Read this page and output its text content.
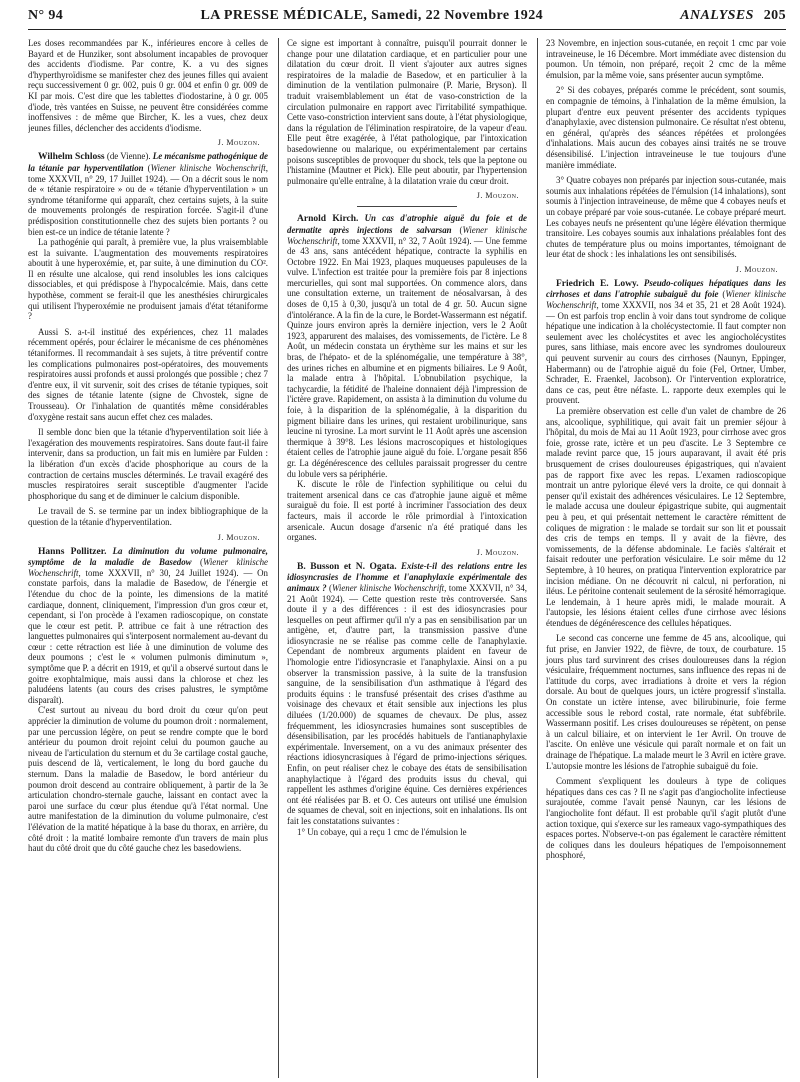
N° 94	LA PRESSE MÉDICALE, Samedi, 22 Novembre 1924	ANALYSES 205

Les doses recommandées par K., inférieures encore à celles de Bayard et de Hunziker, sont absolument incapables de provoquer des accidents d'iodisme. Par contre, K. a vu des signes d'hyperthyroïdisme se manifester chez des jeunes filles qui avaient reçu successivement 0 gr. 002, puis 0 gr. 004 et enfin 0 gr. 009 de KI par mois. C'est dire que les tablettes d'iodostarine, à 0 gr. 005 d'iode, très vantées en Suisse, ne peuvent être considérées comme inoffensives : de même que Bircher, K. les a vues, chez deux jeunes filles, déclencher des accidents d'iodisme.

J. Mouzon.

Wilhelm Schloss (de Vienne). Le mécanisme pathogénique de la tétanie par hyperventilation (Wiener klinische Wochenschrift, tome XXXVII, n° 29, 17 Juillet 1924). — On a décrit sous le nom de « tétanie respiratoire » ou de « tétanie d'hyperventilation » un syndrome tétaniforme qui apparaît, chez certains sujets, à la suite de mouvements prolongés de respiration forcée. S'agit-il d'une prédisposition constitutionnelle chez des sujets bien portants ? ou bien est-ce un indice de tétanie latente ?

La pathogénie qui paraît, à première vue, la plus vraisemblable est la suivante. L'augmentation des mouvements respiratoires aboutit à une hyperoxémie, et, par suite, à une diminution du CO². Il en résulte une alcalose, qui rend insolubles les ions calciques dissociables, et qui prédispose à l'hypocalcémie. Mais, dans cette hypothèse, comment se ferait-il que les anesthésies chirurgicales qui utilisent l'hyperoxémie ne produisent jamais d'état tétaniforme ?

Aussi S. a-t-il institué des expériences, chez 11 malades récemment opérés, pour éclairer le mécanisme de ces phénomènes tétaniformes. Il recommandait à ses sujets, à titre préventif contre les complications pulmonaires post-opératoires, des mouvements respiratoires aussi profonds et aussi prolongés que possible ; chez 7 d'entre eux, il vit survenir, soit des crises de tétanie typiques, soit des signes de tétanie latente (signe de Chvostek, signe de Trousseau). Or l'inhalation de quantités même considérables d'oxygène restait sans aucun effet chez ces malades.

Il semble donc bien que la tétanie d'hyperventilation soit liée à l'exagération des mouvements respiratoires. Sans doute faut-il faire intervenir, dans sa production, un fait mis en lumière par Fulden : la libération d'un excès d'acide phosphorique au cours de la contraction de certains muscles déterminés. Le travail exagéré des muscles respiratoires serait susceptible d'augmenter l'acide phosphorique du sang et de diminuer le calcium disponible.

Le travail de S. se termine par un index bibliographique de la question de la tétanie d'hyperventilation.

J. Mouzon.

Hanns Pollitzer. La diminution du volume pulmonaire, symptôme de la maladie de Basedow (Wiener klinische Wochenschrift, tome XXXVII, n° 30, 24 Juillet 1924). — On constate parfois, dans la maladie de Basedow, de l'énergie et l'étendue du choc de la pointe, les dimensions de la matité cardiaque, donnent, cliniquement, l'impression d'un gros cœur et, cependant, si l'on procède à l'examen radioscopique, on constate que le cœur est petit. P. attribue ce fait à une rétraction des languettes pulmonaires qui s'interposent normalement au-devant du cœur : cette rétraction est liée à une diminution de volume des deux poumons ; c'est le « volumen pulmonis diminutum », symptôme que P. a décrit en 1919, et qu'il a observé surtout dans le goitre exophtalmique, mais aussi dans la chlorose et chez les paludéens latents (au cours des crises palustres, le symptôme disparaît).

C'est surtout au niveau du bord droit du cœur qu'on peut apprécier la diminution de volume du poumon droit : normalement, par une percussion légère, on peut se rendre compte que le bord antérieur du poumon droit rejoint celui du poumon gauche au niveau de l'articulation du sternum et du 3e cartilage costal gauche, puis descend de là, verticalement, le long du bord gauche du sternum. Dans la maladie de Basedow, le bord antérieur du poumon droit descend au contraire obliquement, à partir de la 3e articulation chondro-sternale gauche, laissant en contact avec la paroi une surface du cœur plus étendue qu'à l'état normal. Une autre manifestation de la diminution du volume pulmonaire, c'est l'élévation de la matité hépatique à la base du thorax, en arrière, du côté droit : la matité lombaire remonte d'un travers de main plus haut du côté droit que du côté gauche chez les basedowiens.

Ce signe est important à connaître, puisqu'il pourrait donner le change pour une dilatation cardiaque, et en particulier pour une dilatation du cœur droit. Il vient s'ajouter aux autres signes respiratoires de la maladie de Basedow, et en particulier à la diminution de la ventilation pulmonaire (P. Marie, Bryson). Il traduit vraisemblablement un état de vaso-constriction de la circulation pulmonaire en rapport avec l'irritabilité sympathique. Cette vaso-constriction intervient sans doute, à l'état physiologique, dans la régulation de l'élimination respiratoire, de la vapeur d'eau. Elle peut être exagérée, à l'état pathologique, par l'intoxication basedowienne ou malarique, ou expérimentalement par certains poisons susceptibles de provoquer du shock, tels que la peptone ou l'histamine (Mautner et Pick). Elle peut aboutir, par l'hypertension pulmonaire qu'elle entraîne, à la dilatation vraie du cœur droit.

J. Mouzon.

Arnold Kirch. Un cas d'atrophie aiguë du foie et de dermatite après injections de salvarsan (Wiener klinische Wochenschrift, tome XXXVII, n° 32, 7 Août 1924). — Une femme de 43 ans, sans antécédent hépatique, contracte la syphilis en Octobre 1922. En Mai 1923, plaques muqueuses papuleuses de la vulve. L'infection est traitée pour la première fois par 8 injections mercurielles, qui sont mal supportées. On commence alors, dans une consultation externe, un traitement de néosalvarsan, à des doses de 0,15 à 0,30, jusqu'à un total de 4 gr. 50. Aucun signe d'intolérance. A la fin de la cure, le Bordet-Wassermann est négatif. Quinze jours environ après la dernière injection, vers le 2 Août 1923, apparurent des malaises, des vomissements, de l'ictère. Le 8 Août, un médecin constata un érythème sur les mains et sur les bras, de l'hépato- et de la splénomégalie, une température à 38°, des urines riches en albumine et en pigments biliaires. Le 9 Août, la malade entra à l'hôpital. L'obnubilation psychique, la tachycardie, la fétidité de l'haleine donnaient déjà l'impression de l'ictère grave. Rapidement, on assista à la diminution du volume du foie, à la disparition de la splénomégalie, à la disparition du pigment biliaire dans les urines, qui restaient urobilinurique, sans leucine ni tyrosine. La mort survint le 11 Août après une ascension thermique à 39°8. Les lésions macroscopiques et histologiques étaient celles de l'atrophie jaune aiguë du foie. L'organe pesait 856 gr. La dégénérescence des cellules paraissait progresser du centre du lobule vers sa périphérie.

K. discute le rôle de l'infection syphilitique ou celui du traitement arsenical dans ce cas d'atrophie jaune aiguë et même suraiguë du foie. Il est porté à incriminer l'association des deux facteurs, mais il accorde le rôle primordial à l'intoxication arsenicale. Aucun dosage d'arsenic n'a été pratiqué dans les organes.

J. Mouzon.

B. Busson et N. Ogata. Existe-t-il des relations entre les idiosyncrasies de l'homme et l'anaphylaxie expérimentale des animaux ? (Wiener klinische Wochenschrift, tome XXXVII, n° 34, 21 Août 1924). — Cette question reste très controversée. Sans doute il y a des différences : il est des idiosyncrasies pour lesquelles on peut affirmer qu'il n'y a pas en sensibilisation par un antigène, et, d'autre part, la transmission passive d'une idiosyncrasie ne se réalise pas comme celle de l'anaphylaxie. Cependant de nombreux arguments plaident en faveur de l'homologie entre l'idiosyncrasie et l'anaphylaxie. Ainsi on a pu observer la transmission passive, à la suite de la transfusion sanguine, de la sensibilisation d'un asthmatique à l'égard des produits équins : le transfusé présentait des crises d'asthme au voisinage des chevaux et était sensible aux injections les plus diluées (1/20.000) de squames de chevaux. De plus, assez fréquemment, les idiosyncrasies humaines sont susceptibles de désensibilisation, par les procédés habituels de l'antianaphylaxie expérimentale. Inversement, on a vu des animaux présenter des réactions idiosyncrasiques à l'égard de primo-injections sériques. Enfin, on peut réaliser chez le cobaye des états de sensibilisation anaphylactique à l'égard des produits issus du cheval, qui rappellent les asthmes d'origine équine. Ces dernières expériences ont été réalisées par B. et O. Ces auteurs ont utilisé une émulsion de squames de cheval, soit en injections, soit en inhalations. Ils ont fait les constatations suivantes :

1° Un cobaye, qui a reçu 1 cmc de l'émulsion le

23 Novembre, en injection sous-cutanée, en reçoit 1 cmc par voie intraveineuse, le 16 Décembre. Mort immédiate avec distension du poumon. Un témoin, non préparé, reçoit 2 cmc de la même émulsion, par la même voie, sans présenter aucun symptôme.

2° Si des cobayes, préparés comme le précédent, sont soumis, en compagnie de témoins, à l'inhalation de la même émulsion, la plupart d'entre eux peuvent présenter des accidents typiques d'anaphylaxie, avec distension pulmonaire. Ce résultat n'est obtenu, en général, qu'après des séances répétées et prolongées d'inhalations. Mais aucun des cobayes ainsi traités ne se trouve désensibilisé. L'injection intraveineuse le tue toujours d'une manière immédiate.

3° Quatre cobayes non préparés par injection sous-cutanée, mais soumis aux inhalations répétées de l'émulsion (14 inhalations), sont soumis à l'injection intraveineuse, de même que 4 cobayes neufs et un cobaye préparé par voie sous-cutanée. Le cobaye préparé meurt. Les cobayes neufs ne présentent qu'une légère élévation thermique transitoire. Les cobayes soumis aux inhalations préalables font des chutes de température plus ou moins importantes, témoignant de leur état de shock : les inhalations les ont sensibilisés.

J. Mouzon.

Friedrich E. Lowy. Pseudo-coliques hépatiques dans les cirrhoses et dans l'atrophie subaiguë du foie (Wiener klinische Wochenschrift, tome XXXVII, nos 34 et 35, 21 et 28 Août 1924). — On est parfois trop enclin à voir dans tout syndrome de colique hépatique une indication à la cholécystectomie. Il faut compter non seulement avec les cholécystites et avec les angiocholécystites pures, sans lithiase, mais encore avec les syndromes douloureux qui peuvent survenir au cours des cirrhoses (Naunyn, Eppinger, Habermann) ou de l'atrophie aiguë du foie (Fel, Ortner, Umber, Schrader, E. Fraenkel, Jacobson). Or l'intervention exploratrice, dans ce cas, peut être néfaste. L. rapporte deux exemples qui le prouvent.

La première observation est celle d'un valet de chambre de 26 ans, alcoolique, syphilitique, qui avait fait un premier séjour à l'hôpital, du mois de Mai au 11 Août 1923, pour cirrhose avec gros foie, grosse rate, ictère et un peu d'ascite. Le 3 Septembre ce malade revint parce que, 15 jours auparavant, il avait été pris brusquement de crises douloureuses épigastriques, qui n'avaient pas de rapport fixe avec les repas. L'examen radioscopique montrait un antre pylorique élevé vers la droite, ce qui donnait à penser qu'il existait des adhérences vésiculaires. Le 12 Septembre, le malade accusa une douleur épigastrique subite, qui augmentait peu à peu, et qui présentait nettement le caractère rémittent de coliques de migration : le malade se tordait sur son lit et poussait des cris de temps en temps. Il y avait de la fièvre, des vomissements, de la défense abdominale. Le faciès s'altérait et faisait redouter une perforation vésiculaire. Le soir même du 12 Septembre, à 10 heures, on pratiqua l'intervention exploratrice par incision médiane. On ne découvrit ni calcul, ni perforation, ni iléus. Le péritoine contenait seulement de la sérosité hémorragique. Le lendemain, à 1 heure après midi, le malade mourait. A l'autopsie, les lésions étaient celles d'une cirrhose avec lésions étendues de dégénérescence des cellules hépatiques.

Le second cas concerne une femme de 45 ans, alcoolique, qui fut prise, en Janvier 1922, de fièvre, de toux, de courbature. 15 jours plus tard survinrent des crises douloureuses dans la région vésiculaire, fréquemment nocturnes, sans influence des repas ni de l'attitude du corps, avec irradiations à droite et vers la région dorsale. Au bout de quelques jours, un ictère progressif s'installa. On constate un ictère intense, avec bilirubinurie, foie ferme accessible sous le rebord costal, rate normale, état subfébrile. Wassermann positif. Les crises douloureuses se répètent, on pense à un calcul biliaire, et on intervient le 1er Avril. On trouve de l'ascite. On enlève une vésicule qui paraît normale et on fait un drainage de l'hépatique. La malade meurt le 3 Avril en ictère grave. L'autopsie montre les lésions de l'atrophie subaiguë du foie.

Comment s'expliquent les douleurs à type de coliques hépatiques dans ces cas ? Il ne s'agit pas d'angiocholite infectieuse surajoutée, comme l'avait pensé Naunyn, car les lésions de l'angiocholite font défaut. Il est probable qu'il s'agit plutôt d'une action toxique, qui s'exerce sur les rameaux vago-sympathiques des espaces portes. N'observe-t-on pas également le caractère rémittent de coliques dans les douleurs hépatiques de l'empoisonnement phosphoré,
